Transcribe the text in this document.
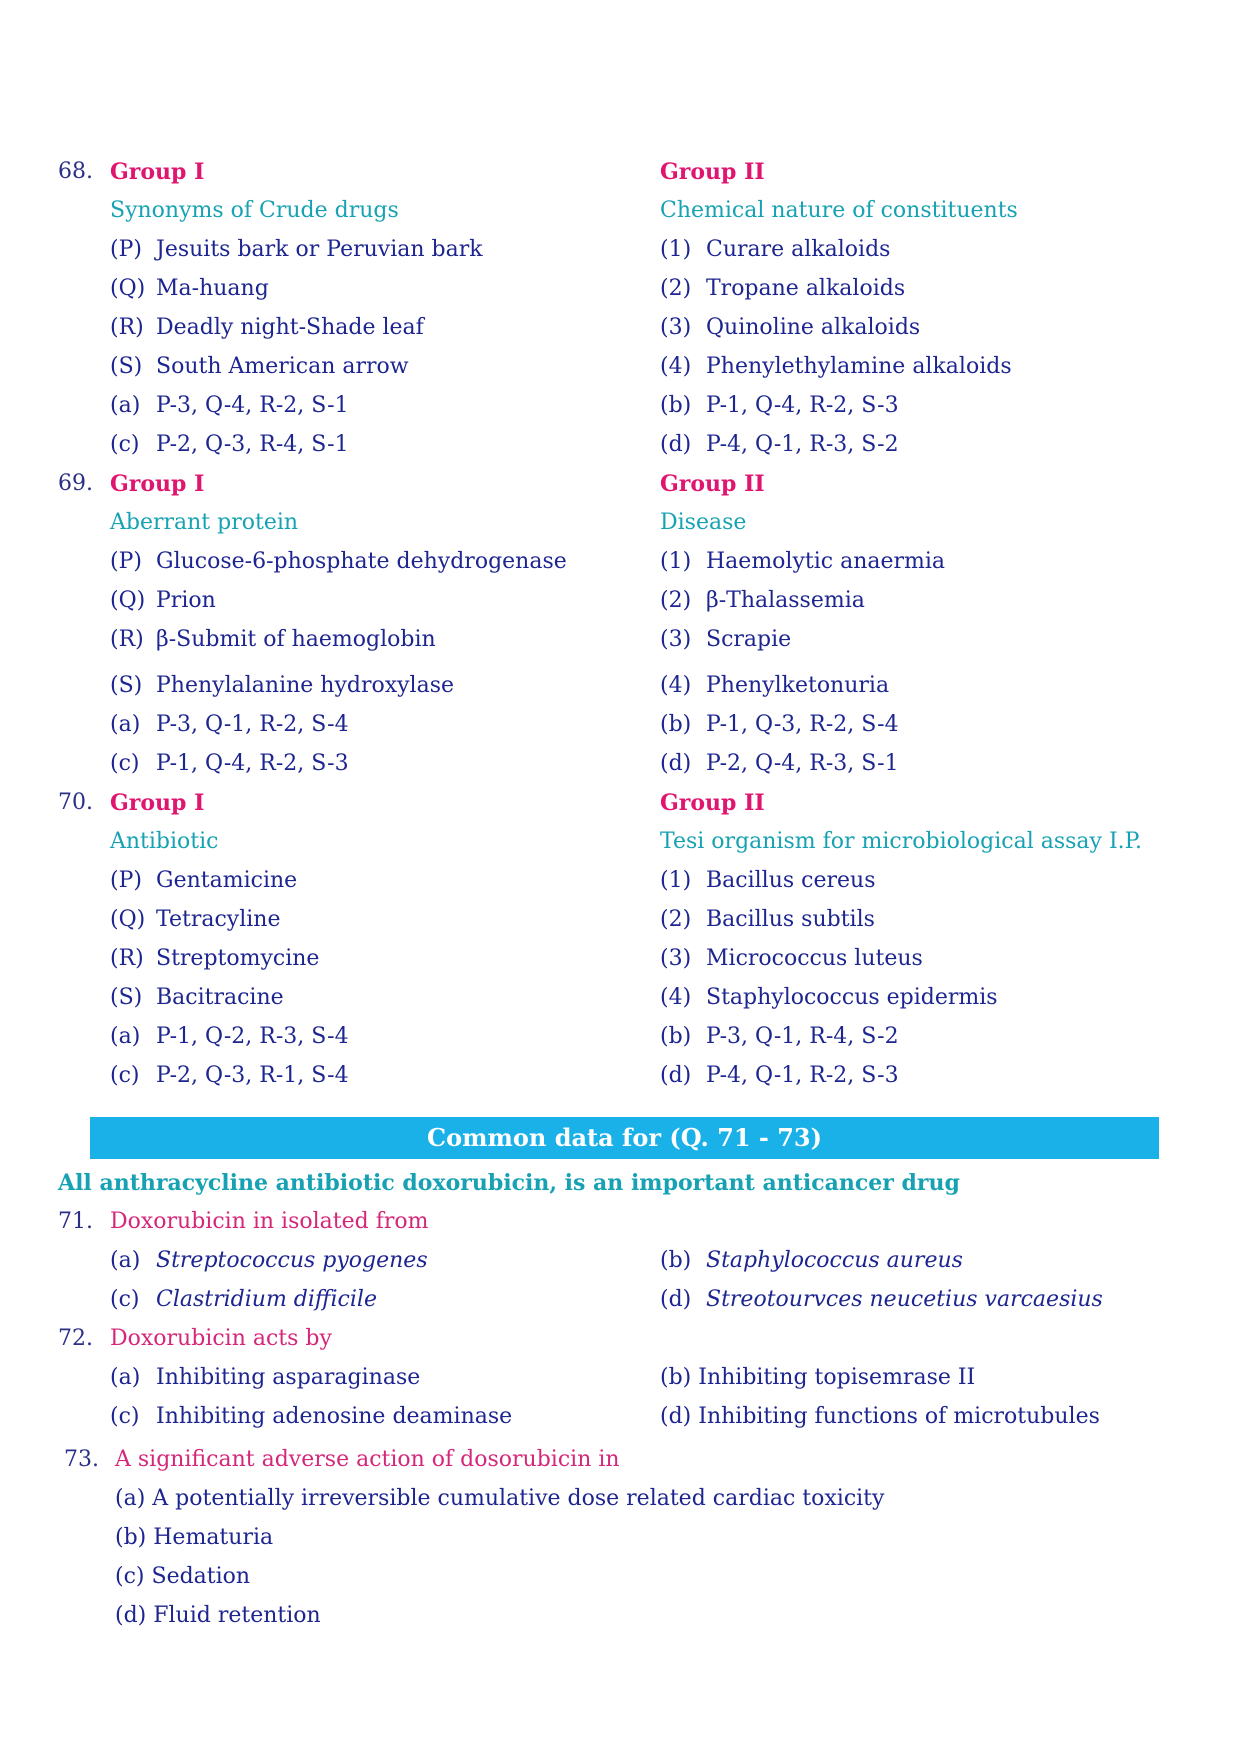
68. Group I	Group II
Synonyms of Crude drugs	Chemical nature of constituents
(P) Jesuits bark or Peruvian bark	(1) Curare alkaloids
(Q) Ma-huang	(2) Tropane alkaloids
(R) Deadly night-Shade leaf	(3) Quinoline alkaloids
(S) South American arrow	(4) Phenylethylamine alkaloids
(a) P-3, Q-4, R-2, S-1	(b) P-1, Q-4, R-2, S-3
(c) P-2, Q-3, R-4, S-1	(d) P-4, Q-1, R-3, S-2
69. Group I	Group II
Aberrant protein	Disease
(P) Glucose-6-phosphate dehydrogenase	(1) Haemolytic anaermia
(Q) Prion	(2) β-Thalassemia
(R) β-Submit of haemoglobin	(3) Scrapie
(S) Phenylalanine hydroxylase	(4) Phenylketonuria
(a) P-3, Q-1, R-2, S-4	(b) P-1, Q-3, R-2, S-4
(c) P-1, Q-4, R-2, S-3	(d) P-2, Q-4, R-3, S-1
70. Group I	Group II
Antibiotic	Tesi organism for microbiological assay I.P.
(P) Gentamicine	(1) Bacillus cereus
(Q) Tetracyline	(2) Bacillus subtils
(R) Streptomycine	(3) Micrococcus luteus
(S) Bacitracine	(4) Staphylococcus epidermis
(a) P-1, Q-2, R-3, S-4	(b) P-3, Q-1, R-4, S-2
(c) P-2, Q-3, R-1, S-4	(d) P-4, Q-1, R-2, S-3
Common data for (Q. 71 - 73)
All anthracycline antibiotic doxorubicin, is an important anticancer drug
71. Doxorubicin in isolated from
(a) Streptococcus pyogenes	(b) Staphylococcus aureus
(c) Clastridium difficile	(d) Streotourvces neucetius varcaesius
72. Doxorubicin acts by
(a) Inhibiting asparaginase	(b) Inhibiting topisemrase II
(c) Inhibiting adenosine deaminase	(d) Inhibiting functions of microtubules
73. A significant adverse action of dosorubicin in
(a) A potentially irreversible cumulative dose related cardiac toxicity
(b) Hematuria
(c) Sedation
(d) Fluid retention
